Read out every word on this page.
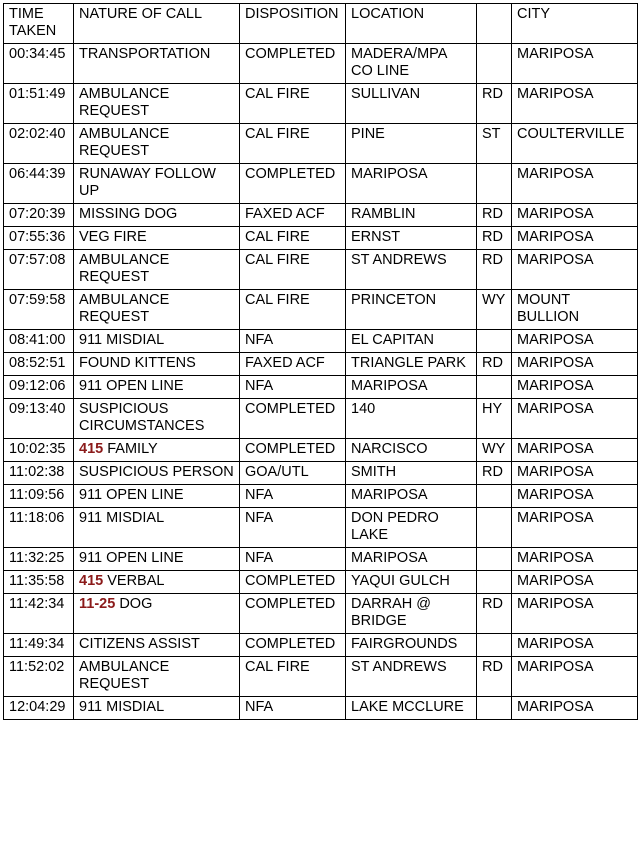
TIME TAKEN	NATURE OF CALL	DISPOSITION	LOCATION		CITY
00:34:45	TRANSPORTATION	COMPLETED	MADERA/MPA CO LINE		MARIPOSA
01:51:49	AMBULANCE REQUEST	CAL FIRE	SULLIVAN	RD	MARIPOSA
02:02:40	AMBULANCE REQUEST	CAL FIRE	PINE	ST	COULTERVILLE
06:44:39	RUNAWAY FOLLOW UP	COMPLETED	MARIPOSA		MARIPOSA
07:20:39	MISSING DOG	FAXED ACF	RAMBLIN	RD	MARIPOSA
07:55:36	VEG FIRE	CAL FIRE	ERNST	RD	MARIPOSA
07:57:08	AMBULANCE REQUEST	CAL FIRE	ST ANDREWS	RD	MARIPOSA
07:59:58	AMBULANCE REQUEST	CAL FIRE	PRINCETON	WY	MOUNT BULLION
08:41:00	911 MISDIAL	NFA	EL CAPITAN		MARIPOSA
08:52:51	FOUND KITTENS	FAXED ACF	TRIANGLE PARK	RD	MARIPOSA
09:12:06	911 OPEN LINE	NFA	MARIPOSA		MARIPOSA
09:13:40	SUSPICIOUS CIRCUMSTANCES	COMPLETED	140	HY	MARIPOSA
10:02:35	415 FAMILY	COMPLETED	NARCISCO	WY	MARIPOSA
11:02:38	SUSPICIOUS PERSON	GOA/UTL	SMITH	RD	MARIPOSA
11:09:56	911 OPEN LINE	NFA	MARIPOSA		MARIPOSA
11:18:06	911 MISDIAL	NFA	DON PEDRO LAKE		MARIPOSA
11:32:25	911 OPEN LINE	NFA	MARIPOSA		MARIPOSA
11:35:58	415 VERBAL	COMPLETED	YAQUI GULCH		MARIPOSA
11:42:34	11-25 DOG	COMPLETED	DARRAH @ BRIDGE	RD	MARIPOSA
11:49:34	CITIZENS ASSIST	COMPLETED	FAIRGROUNDS		MARIPOSA
11:52:02	AMBULANCE REQUEST	CAL FIRE	ST ANDREWS	RD	MARIPOSA
12:04:29	911 MISDIAL	NFA	LAKE MCCLURE		MARIPOSA
